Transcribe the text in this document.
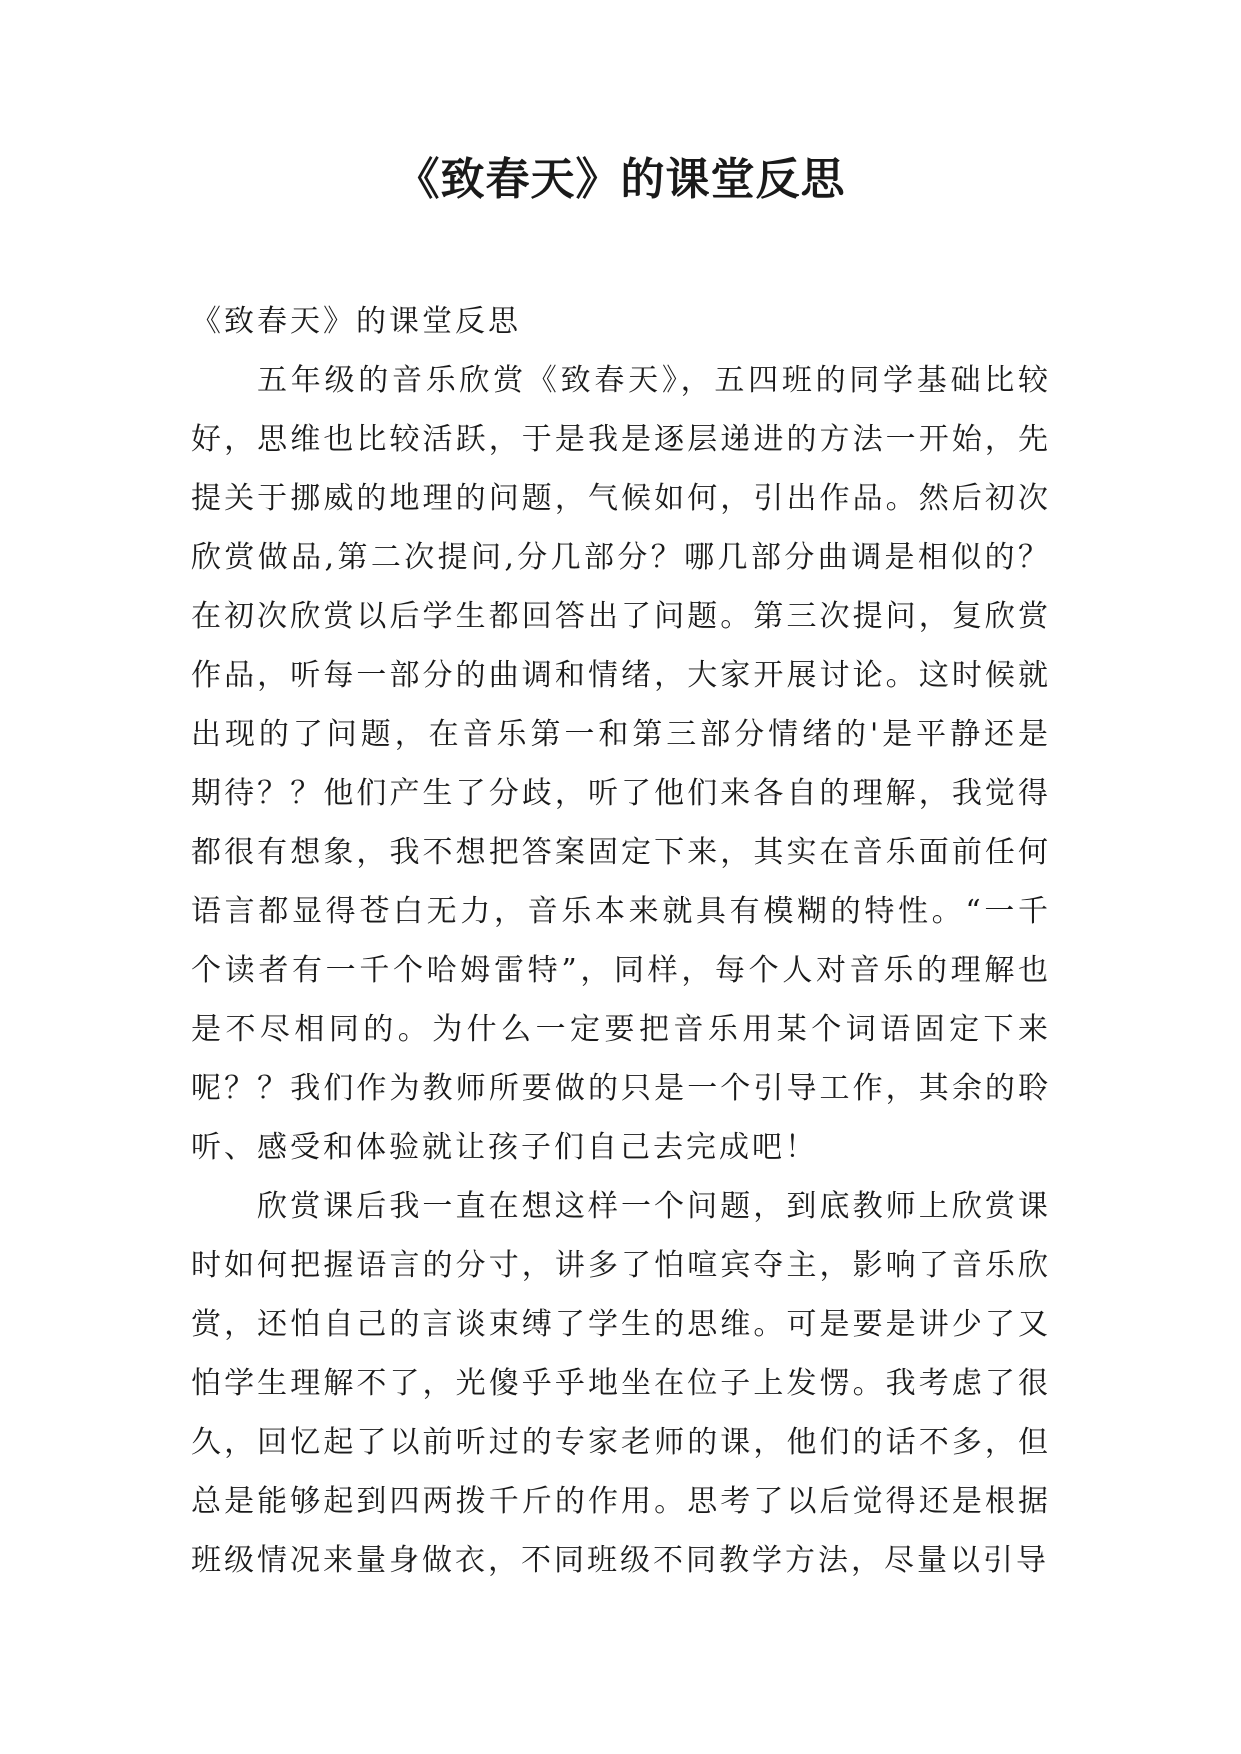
《致春天》的课堂反思

《致春天》的课堂反思

五年级的音乐欣赏《致春天》，五四班的同学基础比较好，思维也比较活跃，于是我是逐层递进的方法一开始，先提关于挪威的地理的问题，气候如何，引出作品。然后初次欣赏做品,第二次提问,分几部分？哪几部分曲调是相似的？在初次欣赏以后学生都回答出了问题。第三次提问，复欣赏作品，听每一部分的曲调和情绪，大家开展讨论。这时候就出现的了问题，在音乐第一和第三部分情绪的'是平静还是期待？？他们产生了分歧，听了他们来各自的理解，我觉得都很有想象，我不想把答案固定下来，其实在音乐面前任何语言都显得苍白无力，音乐本来就具有模糊的特性。“一千个读者有一千个哈姆雷特”，同样，每个人对音乐的理解也是不尽相同的。为什么一定要把音乐用某个词语固定下来呢？？我们作为教师所要做的只是一个引导工作，其余的聆听、感受和体验就让孩子们自己去完成吧！

欣赏课后我一直在想这样一个问题，到底教师上欣赏课时如何把握语言的分寸，讲多了怕喧宾夺主，影响了音乐欣赏，还怕自己的言谈束缚了学生的思维。可是要是讲少了又怕学生理解不了，光傻乎乎地坐在位子上发愣。我考虑了很久，回忆起了以前听过的专家老师的课，他们的话不多，但总是能够起到四两拨千斤的作用。思考了以后觉得还是根据班级情况来量身做衣，不同班级不同教学方法，尽量以引导
